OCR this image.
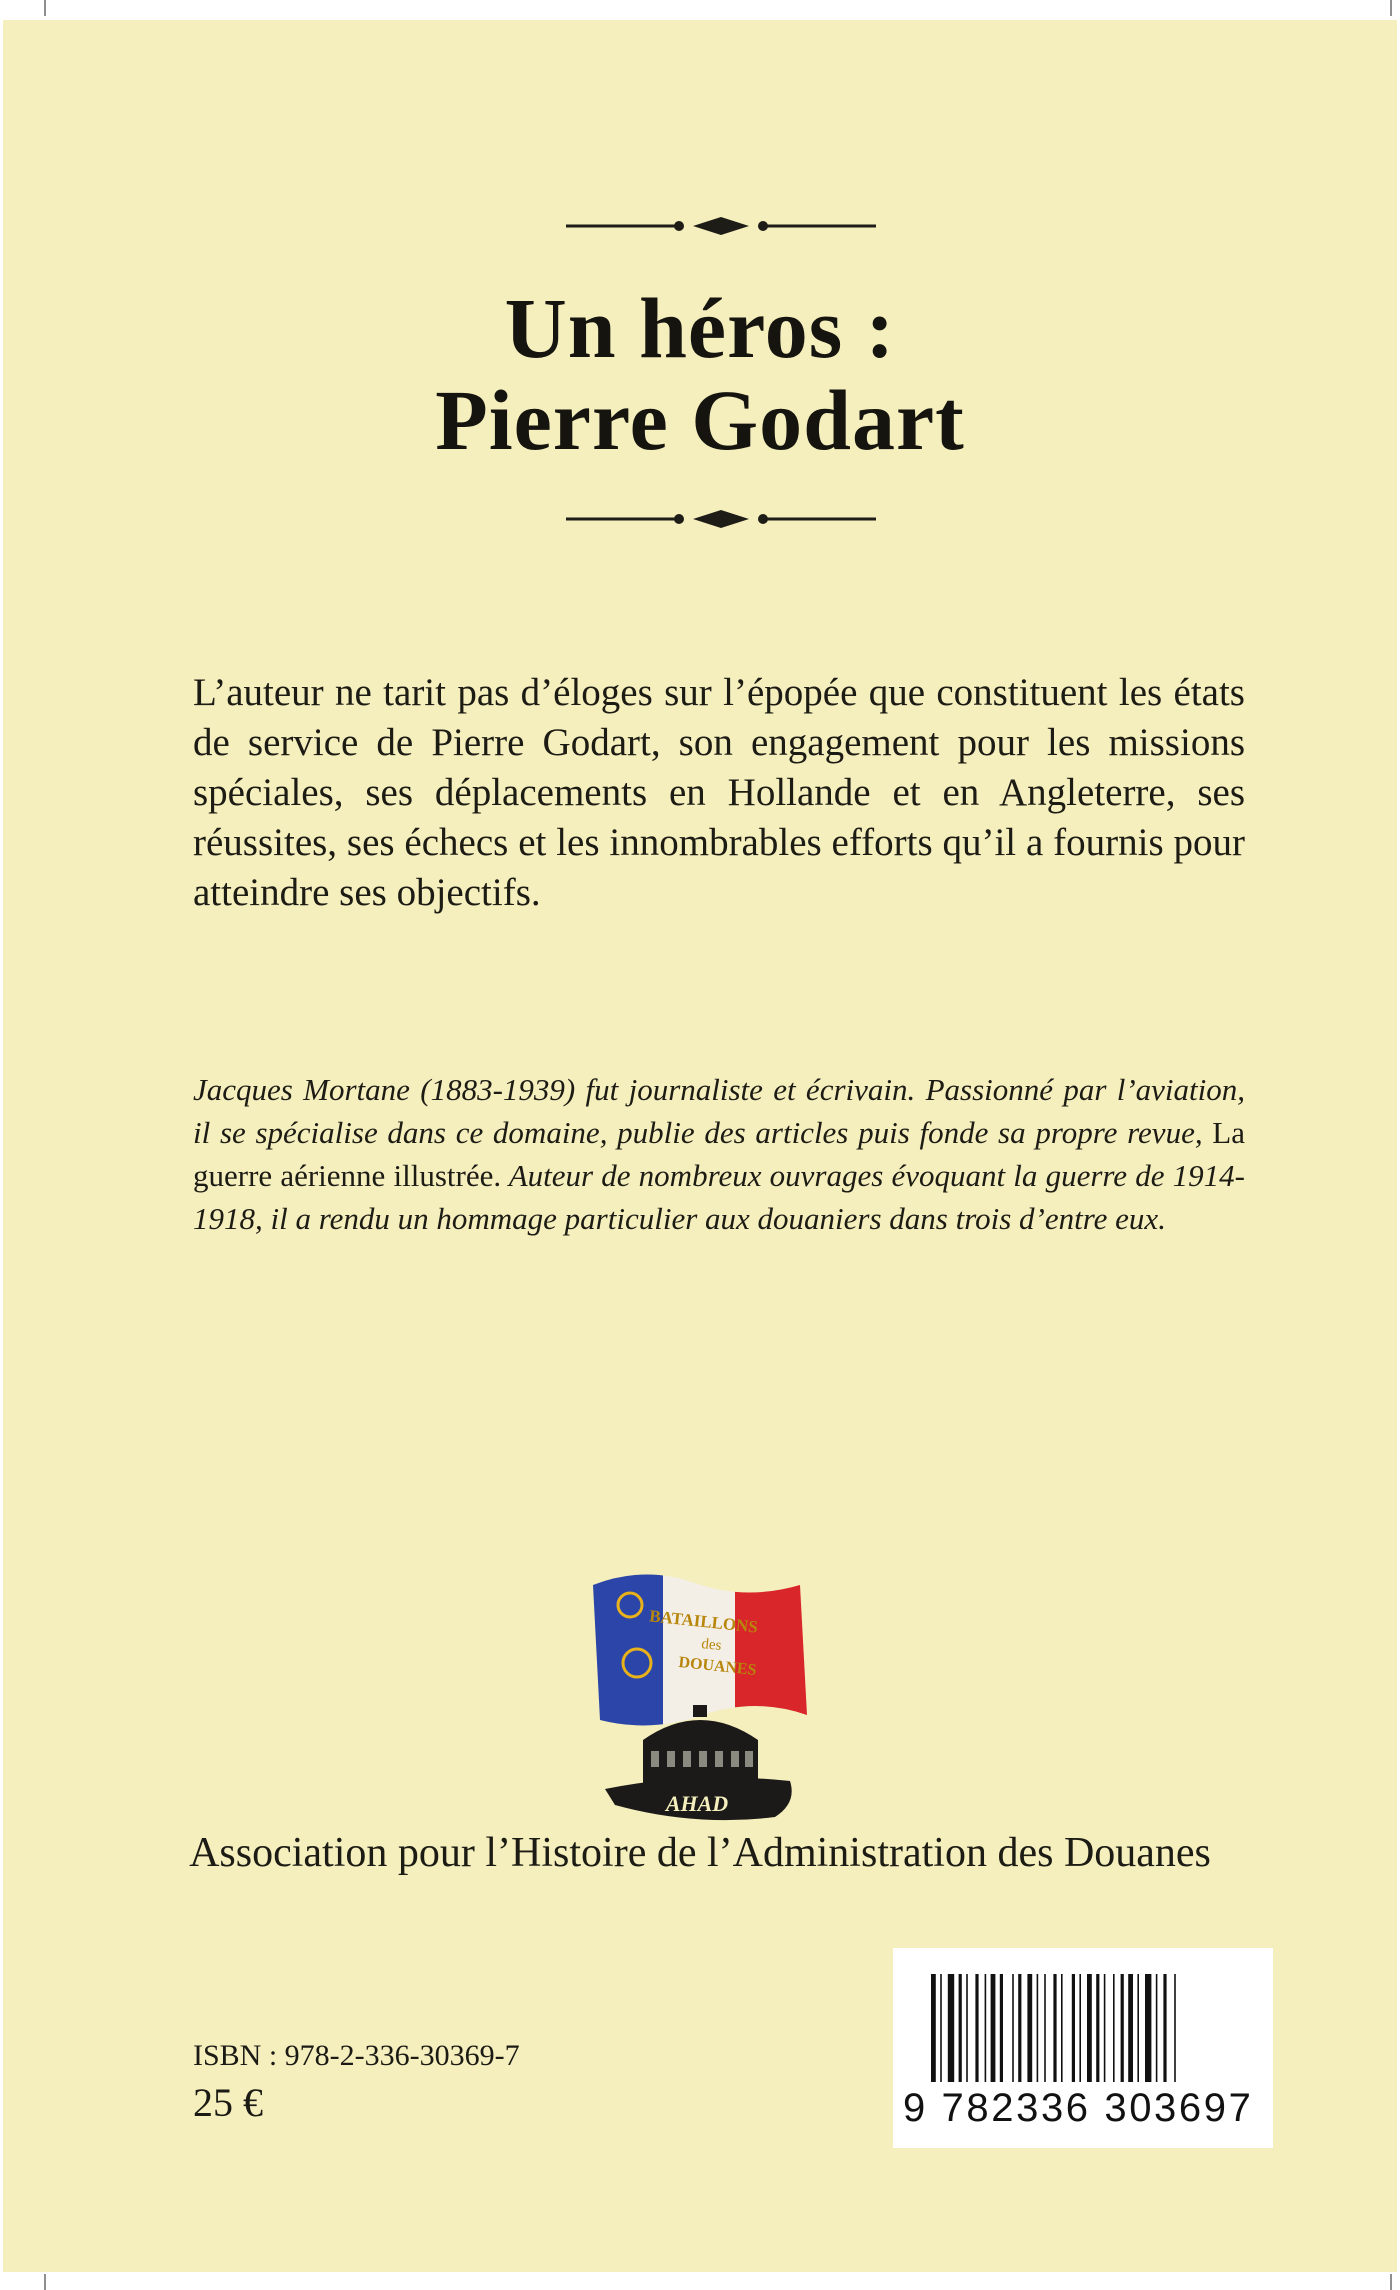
Un héros :
Pierre Godart
L’auteur ne tarit pas d’éloges sur l’épopée que constituent les états de service de Pierre Godart, son engagement pour les missions spéciales, ses déplacements en Hollande et en Angleterre, ses réussites, ses échecs et les innombrables efforts qu’il a fournis pour atteindre ses objectifs.
Jacques Mortane (1883-1939) fut journaliste et écrivain. Passionné par l’aviation, il se spécialise dans ce domaine, publie des articles puis fonde sa propre revue, La guerre aérienne illustrée. Auteur de nombreux ouvrages évoquant la guerre de 1914-1918, il a rendu un hommage particulier aux douaniers dans trois d’entre eux.
BATAILLONS
des
DOUANES
AHAD
Association pour l’Histoire de l’Administration des Douanes
ISBN : 978-2-336-30369-7
25 €	9 782336 303697
